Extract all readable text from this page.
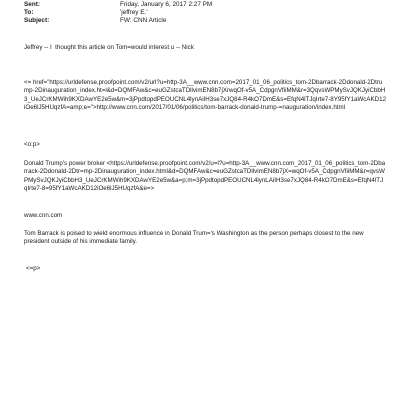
Sent:	Friday, January 6, 2017 2:27 PM
To:	'jeffrey E.'
Subject:	FW: CNN Article
Jeffrey -- I  thought this article on Tom=would interest u -- Nick
<= href="https://urldefense.proofpoint.com/v2/url?u=http-3A__www.cnn.com=2017_01_06_politics_tom-2Dbarrack-2Ddonald-2Dtrump-2Dinauguration_index.ht=l&d=DQMFAw&c=euGZstcaTDllvimEN8b7jXrwqOf-v5A_CdpgnVfiiMM&r=3QqvsWPMySvJQKJyiCbbH3_UeJCrKMWih9KXDAwYE2e5w&m=3jPpdtopdPEOUCNL4lynAiIH3se7xJQ84-R4kO7DmE&s=EfqN4lTJqIrte7-8Y95fY1aWcAKD12iOe6lJ5HUqzfA=amp;e=">http://www.cnn.com/2017/01/06/politics/tom-barrack-donald-trump-=nauguration/index.html
<o:p>
Donald Trump's power broker <https://urldefense.proofpoint.com/v2/u=l?u=http-3A__www.cnn.com_2017_01_06_politics_tom-2Dbarrack-2Ddonald-2Dtr=mp-2Dinauguration_index.html&d=DQMFAw&c=euGZstcaTDllvimEN8b7jX=wqOf-v5A_CdpgnVfiiMM&r=qvsWPMySvJQKJyiCbbH3_UeJCrKMWih9KXDAwYE2e5w&a=p;m=3jPpdtopdPEOUCNL4lynLAiIH3se7xJQ84-R4kO7DmE&s=EfqN4lTJqIrte7-8=95fY1aWcAKD12iOe6lJ5HUqzfA&e=>
www.cnn.com
Tom Barrack is poised to wield enormous influence in Donald Trum='s Washington as the person perhaps closest to the new president outside of his immediate family.
<=p>
